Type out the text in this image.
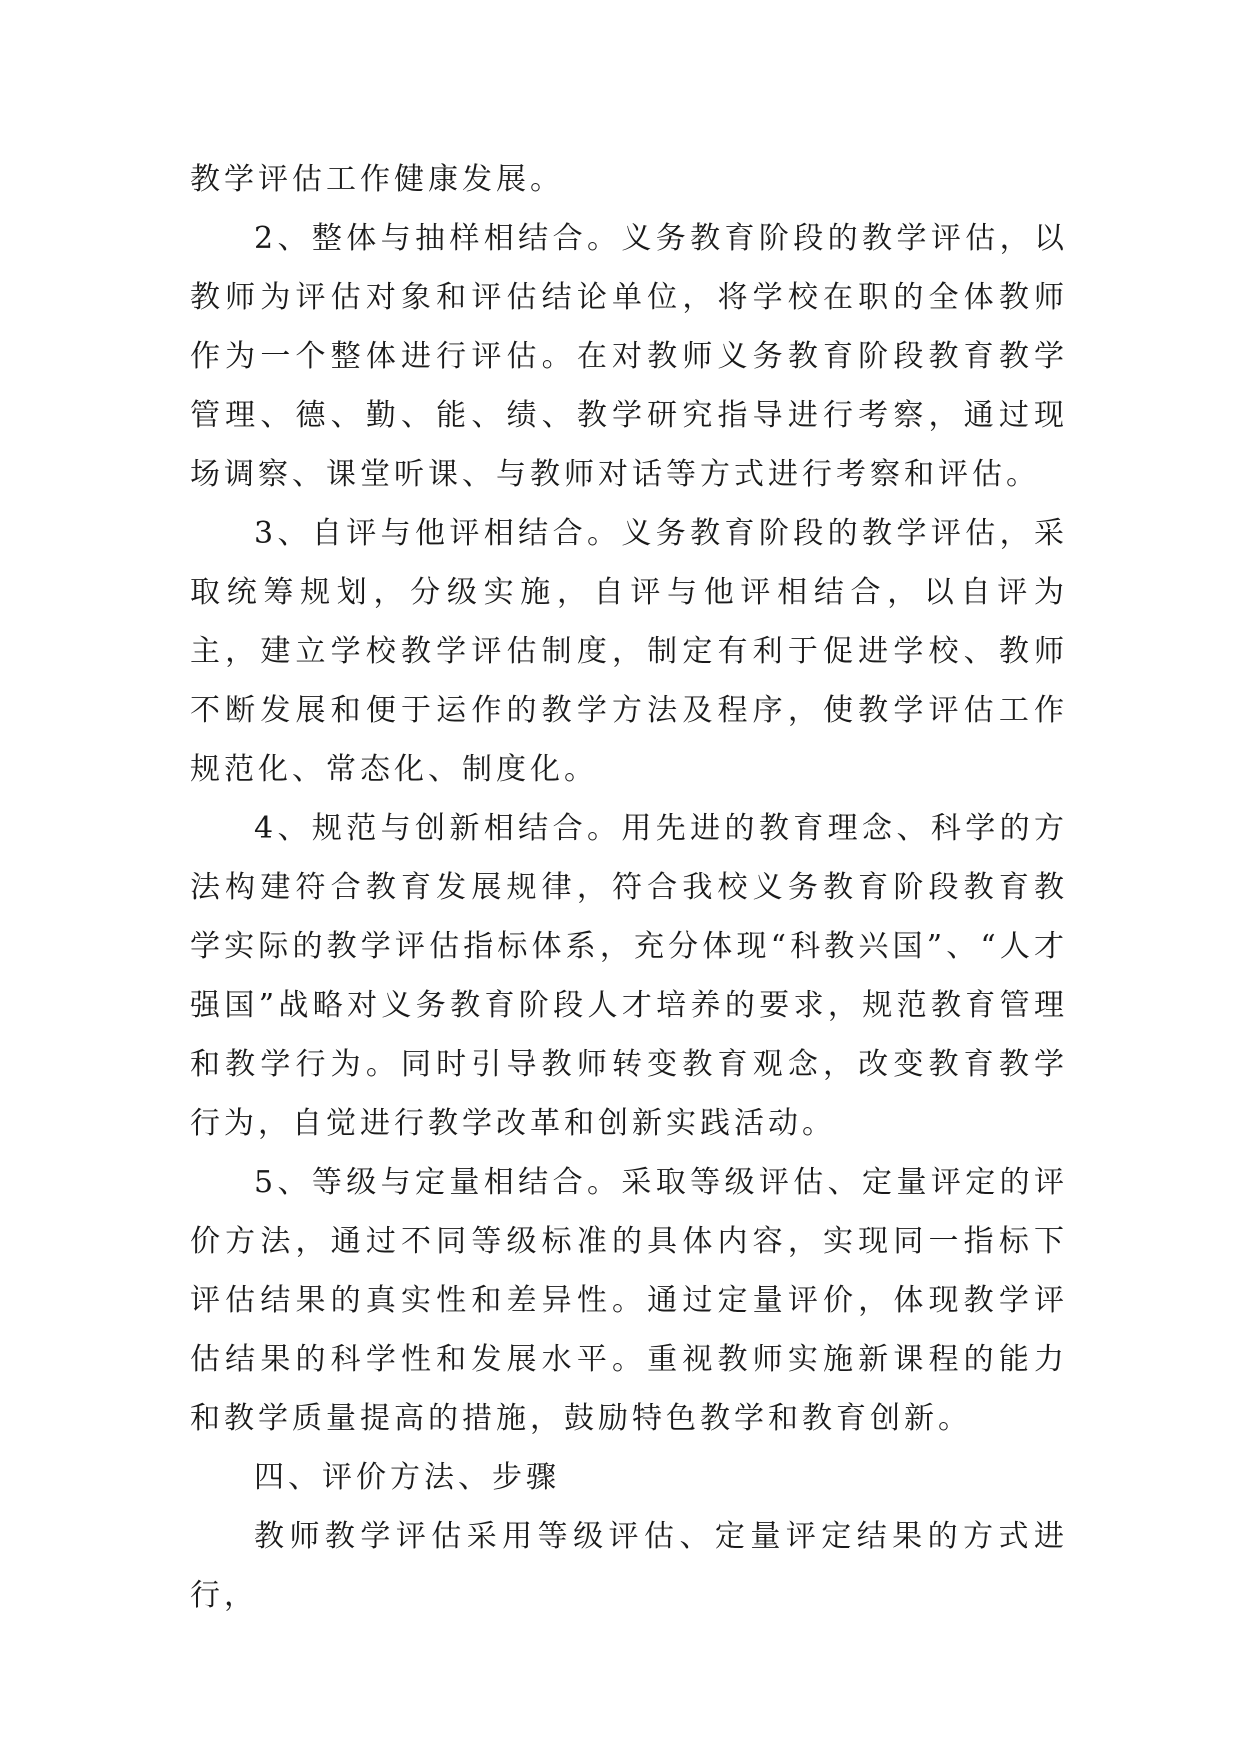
教学评估工作健康发展。

2、整体与抽样相结合。义务教育阶段的教学评估，以教师为评估对象和评估结论单位，将学校在职的全体教师作为一个整体进行评估。在对教师义务教育阶段教育教学管理、德、勤、能、绩、教学研究指导进行考察，通过现场调察、课堂听课、与教师对话等方式进行考察和评估。

3、自评与他评相结合。义务教育阶段的教学评估，采取统筹规划，分级实施，自评与他评相结合，以自评为主，建立学校教学评估制度，制定有利于促进学校、教师不断发展和便于运作的教学方法及程序，使教学评估工作规范化、常态化、制度化。

4、规范与创新相结合。用先进的教育理念、科学的方法构建符合教育发展规律，符合我校义务教育阶段教育教学实际的教学评估指标体系，充分体现“科教兴国”、“人才强国”战略对义务教育阶段人才培养的要求，规范教育管理和教学行为。同时引导教师转变教育观念，改变教育教学行为，自觉进行教学改革和创新实践活动。

5、等级与定量相结合。采取等级评估、定量评定的评价方法，通过不同等级标准的具体内容，实现同一指标下评估结果的真实性和差异性。通过定量评价，体现教学评估结果的科学性和发展水平。重视教师实施新课程的能力和教学质量提高的措施，鼓励特色教学和教育创新。

四、评价方法、步骤

教师教学评估采用等级评估、定量评定结果的方式进行，
